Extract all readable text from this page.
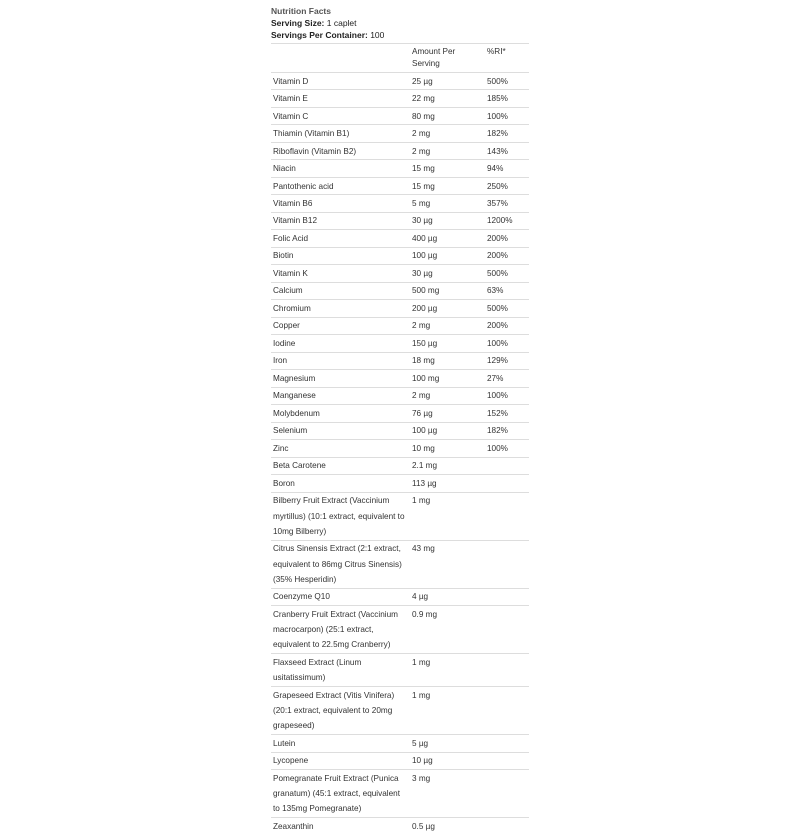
Nutrition Facts
Serving Size: 1 caplet
Servings Per Container: 100
	Amount Per Serving	%RI*
Vitamin D	25 µg	500%
Vitamin E	22 mg	185%
Vitamin C	80 mg	100%
Thiamin (Vitamin B1)	2 mg	182%
Riboflavin (Vitamin B2)	2 mg	143%
Niacin	15 mg	94%
Pantothenic acid	15 mg	250%
Vitamin B6	5 mg	357%
Vitamin B12	30 µg	1200%
Folic Acid	400 µg	200%
Biotin	100 µg	200%
Vitamin K	30 µg	500%
Calcium	500 mg	63%
Chromium	200 µg	500%
Copper	2 mg	200%
Iodine	150 µg	100%
Iron	18 mg	129%
Magnesium	100 mg	27%
Manganese	2 mg	100%
Molybdenum	76 µg	152%
Selenium	100 µg	182%
Zinc	10 mg	100%
Beta Carotene	2.1 mg	
Boron	113 µg	
Bilberry Fruit Extract (Vaccinium myrtillus) (10:1 extract, equivalent to 10mg Bilberry)	1 mg	
Citrus Sinensis Extract (2:1 extract, equivalent to 86mg Citrus Sinensis) (35% Hesperidin)	43 mg	
Coenzyme Q10	4 µg	
Cranberry Fruit Extract (Vaccinium macrocarpon) (25:1 extract, equivalent to 22.5mg Cranberry)	0.9 mg	
Flaxseed Extract (Linum usitatissimum)	1 mg	
Grapeseed Extract (Vitis Vinifera) (20:1 extract, equivalent to 20mg grapeseed)	1 mg	
Lutein	5 µg	
Lycopene	10 µg	
Pomegranate Fruit Extract (Punica granatum) (45:1 extract, equivalent to 135mg Pomegranate)	3 mg	
Zeaxanthin	0.5 µg	
